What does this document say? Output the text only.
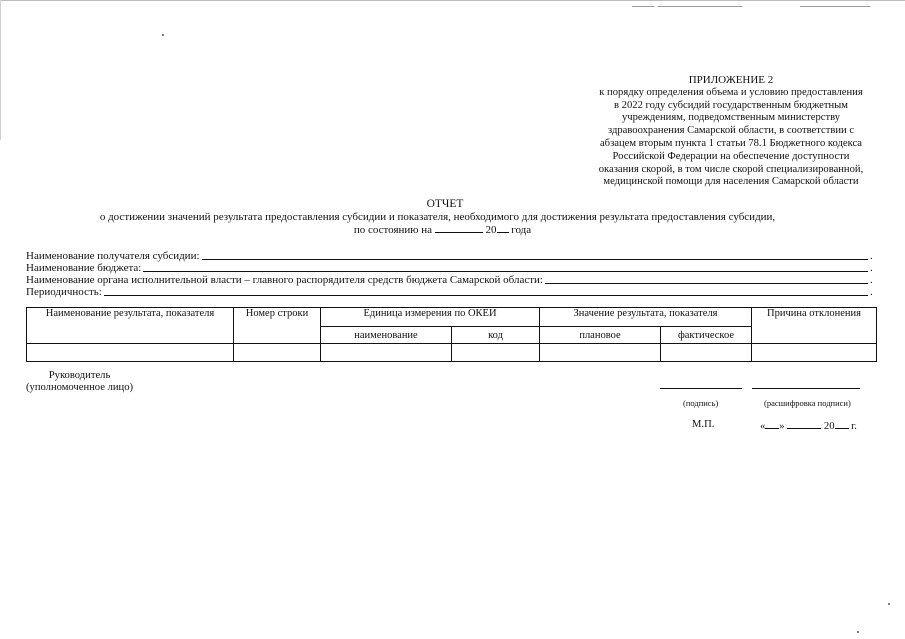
ПРИЛОЖЕНИЕ 2
к порядку определения объема и условию предоставления
в 2022 году субсидий государственным бюджетным
учреждениям, подведомственным министерству
здравоохранения Самарской области, в соответствии с
абзацем вторым пункта 1 статьи 78.1 Бюджетного кодекса
Российской Федерации на обеспечение доступности
оказания скорой, в том числе скорой специализированной,
медицинской помощи для населения Самарской области
ОТЧЕТ
о достижении значений результата предоставления субсидии и показателя, необходимого для достижения результата предоставления субсидии,
по состоянию на	20 года
Наименование получателя субсидии:	.
Наименование бюджета:	.
Наименование органа исполнительной власти – главного распорядителя средств бюджета Самарской области:	.
Периодичность:	.
Наименование результата, показателя	Номер строки	Единица измерения по ОКЕИ		Значение результата, показателя		Причина отклонения
		наименование	код	плановое	фактическое	

Руководитель
(уполномоченное лицо)
(подпись)	(расшифровка подписи)
М.П.	« »	20 г.
